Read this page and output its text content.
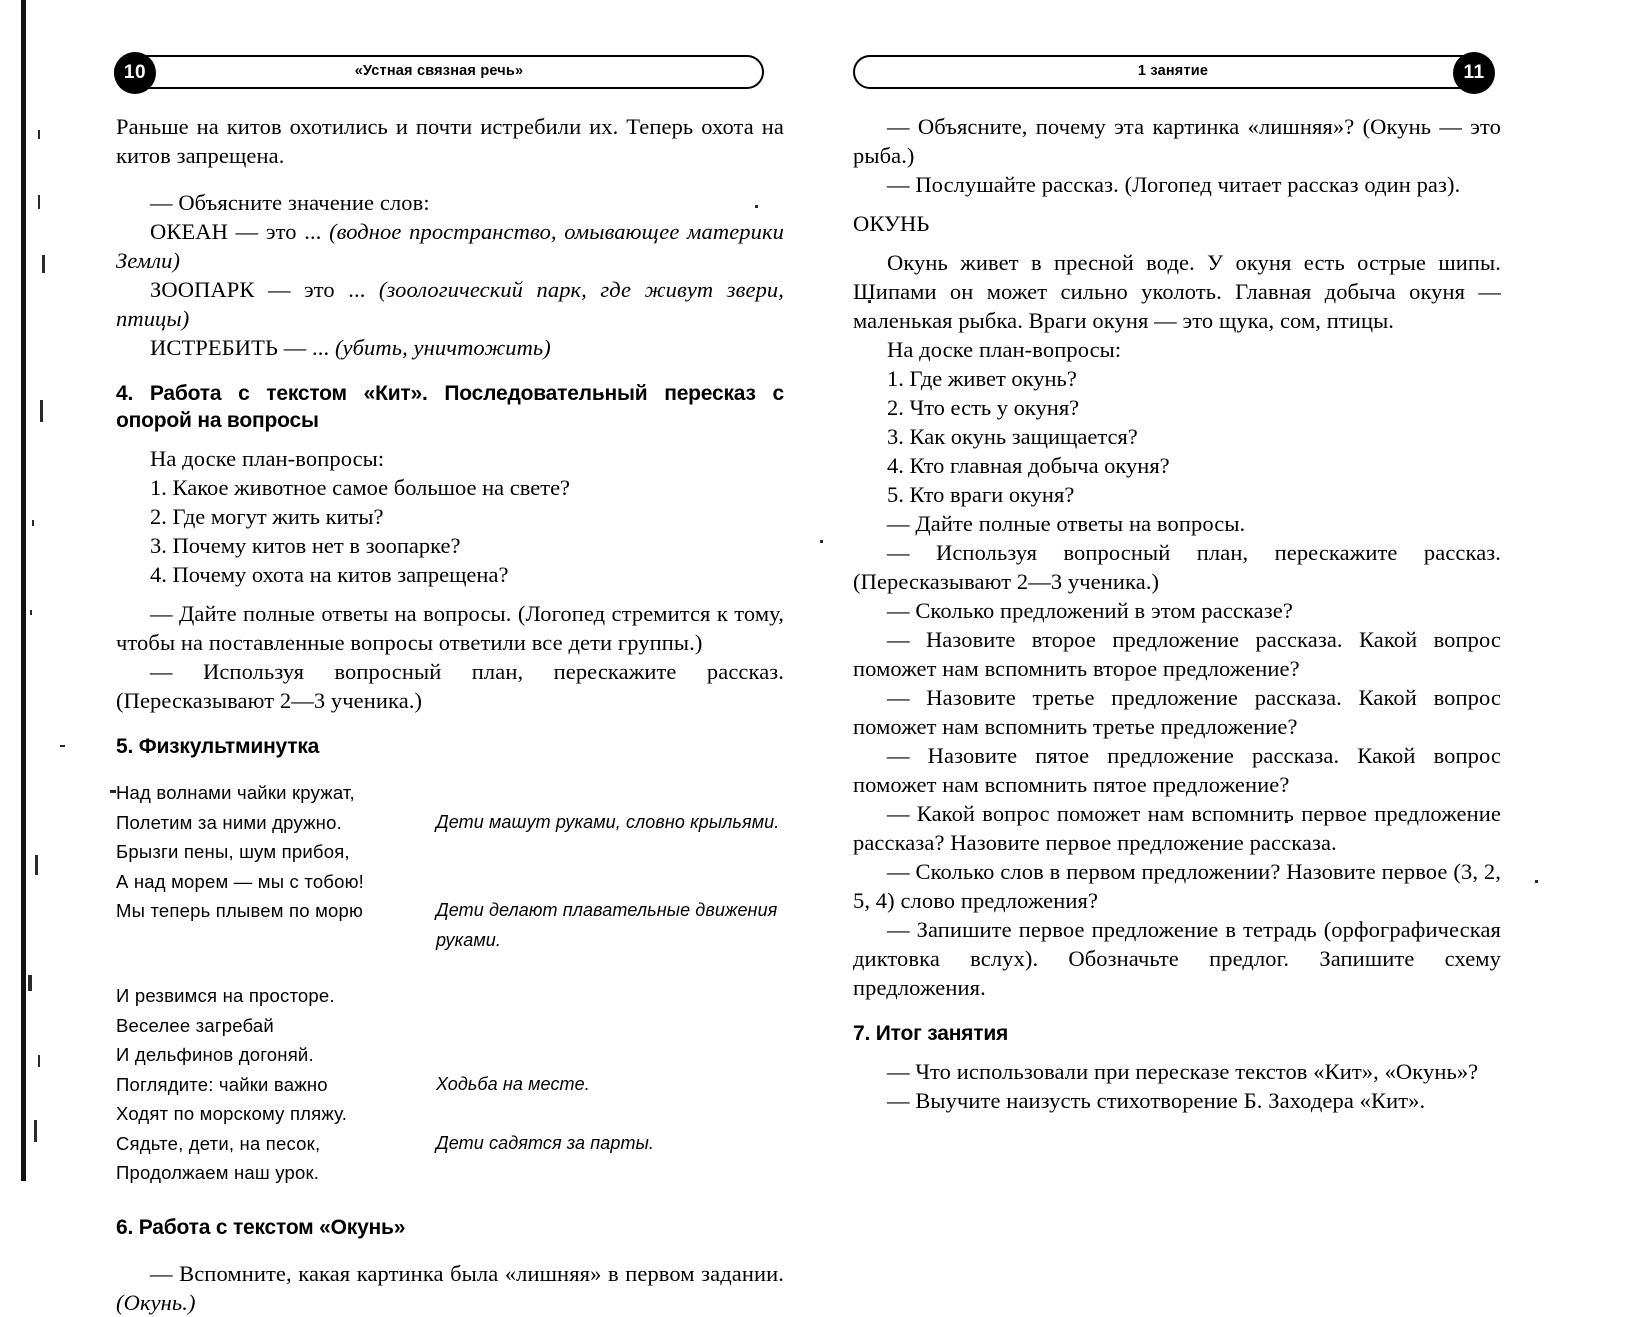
«Устная связная речь»
10

Раньше на китов охотились и почти истребили их. Теперь охота на китов запрещена.

— Объясните значение слов:

ОКЕАН — это ... (водное пространство, омывающее материки Земли)

ЗООПАРК — это ... (зоологический парк, где живут звери, птицы)

ИСТРЕБИТЬ — ... (убить, уничтожить)

4. Работа с текстом «Кит». Последовательный пересказ с опорой на вопросы

На доске план-вопросы:

1. Какое животное самое большое на свете?
2. Где могут жить киты?
3. Почему китов нет в зоопарке?
4. Почему охота на китов запрещена?

— Дайте полные ответы на вопросы. (Логопед стремится к тому, чтобы на поставленные вопросы ответили все дети группы.)

— Используя вопросный план, перескажите рассказ. (Пересказывают 2—3 ученика.)

5. Физкультминутка
Над волнами чайки кружат,
Полетим за ними дружно.
Брызги пены, шум прибоя,
А над морем — мы с тобою!
Мы теперь плывем по морю
Дети машут руками, словно крыльями.
Дети делают плавательные движения руками.
И резвимся на просторе.
Веселее загребай
И дельфинов догоняй.
Поглядите: чайки важно
Ходят по морскому пляжу.
Сядьте, дети, на песок,
Продолжаем наш урок.
Ходьба на месте.
Дети садятся за парты.
6. Работа с текстом «Окунь»

— Вспомните, какая картинка была «лишняя» в первом задании. (Окунь.)

1 занятие	11

— Объясните, почему эта картинка «лишняя»? (Окунь — это рыба.)

— Послушайте рассказ. (Логопед читает рассказ один раз).

ОКУНЬ

Окунь живет в пресной воде. У окуня есть острые шипы. Шипами он может сильно уколоть. Главная добыча окуня — маленькая рыбка. Враги окуня — это щука, сом, птицы.

На доске план-вопросы:

1. Где живет окунь?
2. Что есть у окуня?
3. Как окунь защищается?
4. Кто главная добыча окуня?
5. Кто враги окуня?

— Дайте полные ответы на вопросы.

— Используя вопросный план, перескажите рассказ. (Пересказывают 2—3 ученика.)

— Сколько предложений в этом рассказе?

— Назовите второе предложение рассказа. Какой вопрос поможет нам вспомнить второе предложение?

— Назовите третье предложение рассказа. Какой вопрос поможет нам вспомнить третье предложение?

— Назовите пятое предложение рассказа. Какой вопрос поможет нам вспомнить пятое предложение?

— Какой вопрос поможет нам вспомнить первое предложение рассказа? Назовите первое предложение рассказа.

— Сколько слов в первом предложении? Назовите первое (3, 2, 5, 4) слово предложения?

— Запишите первое предложение в тетрадь (орфографическая диктовка вслух). Обозначьте предлог. Запишите схему предложения.

7. Итог занятия

— Что использовали при пересказе текстов «Кит», «Окунь»?

— Выучите наизусть стихотворение Б. Заходера «Кит».
